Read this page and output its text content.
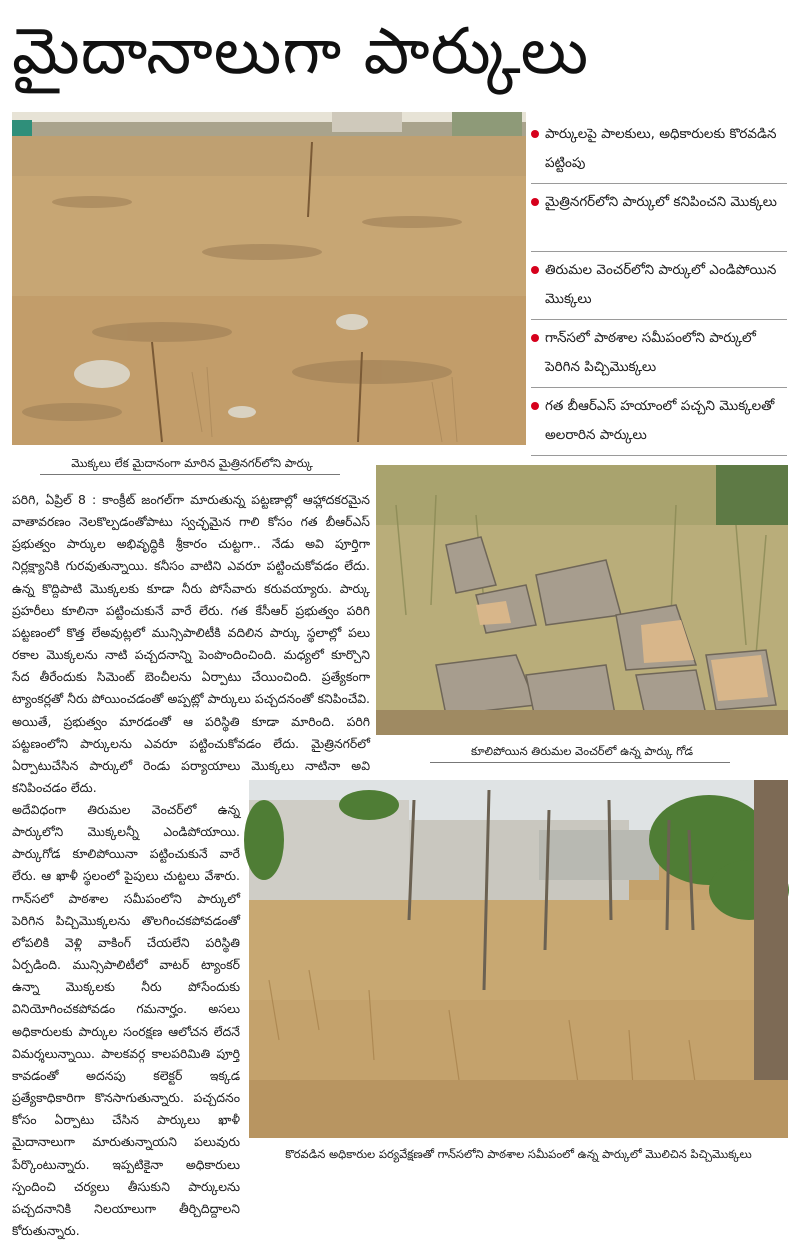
మైదానాలుగా పార్కులు
మొక్కలు లేక మైదానంగా మారిన మైత్రినగర్‌లోని పార్కు
పార్కులపై పాలకులు, అధికారులకు కొరవడిన పట్టింపు
మైత్రినగర్‌లోని పార్కులో కనిపించని మొక్కలు
తిరుమల వెంచర్‌లోని పార్కులో ఎండిపోయిన మొక్కలు
గాన్‌సలో పాఠశాల సమీపంలోని పార్కులో పెరిగిన పిచ్చిమొక్కలు
గత బీఆర్ఎస్ హయాంలో పచ్చని మొక్కలతో అలరారిన పార్కులు
పరిగి, ఏప్రిల్ 8 : కాంక్రీట్ జంగల్‌గా మారుతున్న పట్టణాల్లో ఆహ్లాదకరమైన వాతావరణం నెలకొల్పడంతోపాటు స్వచ్ఛమైన గాలి కోసం గత బీఆర్ఎస్ ప్రభుత్వం పార్కుల అభివృద్ధికి శ్రీకారం చుట్టగా.. నేడు అవి పూర్తిగా నిర్లక్ష్యానికి గురవుతున్నాయి. కనీసం వాటిని ఎవరూ పట్టించుకోవడం లేదు. ఉన్న కొద్దిపాటి మొక్కలకు కూడా నీరు పోసేవారు కరువయ్యారు. పార్కు ప్రహరీలు కూలినా పట్టించుకునే వారే లేరు. గత కేసీఆర్ ప్రభుత్వం పరిగి పట్టణంలో కొత్త లేఅవుట్లలో మున్సిపాలిటీకి వదిలిన పార్కు స్థలాల్లో పలు రకాల మొక్కలను నాటి పచ్చదనాన్ని పెంపొందించింది. మధ్యలో కూర్చొని సేద తీరేందుకు సిమెంట్ బెంచీలను ఏర్పాటు చేయించింది. ప్రత్యేకంగా ట్యాంకర్లతో నీరు పోయించడంతో అప్పట్లో పార్కులు పచ్చదనంతో కనిపించేవి. అయితే, ప్రభుత్వం మారడంతో ఆ పరిస్థితి కూడా మారింది. పరిగి పట్టణంలోని పార్కులను ఎవరూ పట్టించుకోవడం లేదు. మైత్రినగర్‌లో ఏర్పాటుచేసిన పార్కులో రెండు పర్యాయాలు మొక్కలు నాటినా అవి కనిపించడం లేదు.
అదేవిధంగా తిరుమల వెంచర్‌లో ఉన్న పార్కులోని మొక్కలన్నీ ఎండిపోయాయి. పార్కుగోడ కూలిపోయినా పట్టించుకునే వారే లేరు. ఆ ఖాళీ స్థలంలో పైపులు చుట్టలు వేశారు. గాన్‌సలో పాఠశాల సమీపంలోని పార్కులో పెరిగిన పిచ్చిమొక్కలను తొలగించకపోవడంతో లోపలికి వెళ్లి వాకింగ్ చేయలేని పరిస్థితి ఏర్పడింది. మున్సిపాలిటీలో వాటర్ ట్యాంకర్ ఉన్నా మొక్కలకు నీరు పోసేందుకు వినియోగించకపోవడం గమనార్హం. అసలు అధికారులకు పార్కుల సంరక్షణ ఆలోచన లేదనే విమర్శలున్నాయి. పాలకవర్గ కాలపరిమితి పూర్తి కావడంతో అదనపు కలెక్టర్ ఇక్కడ ప్రత్యేకాధికారిగా కొనసాగుతున్నారు. పచ్చదనం కోసం ఏర్పాటు చేసిన పార్కులు ఖాళీ మైదానాలుగా మారుతున్నాయని పలువురు పేర్కొంటున్నారు. ఇప్పటికైనా అధికారులు స్పందించి చర్యలు తీసుకుని పార్కులను పచ్చదనానికి నిలయాలుగా తీర్చిదిద్దాలని కోరుతున్నారు.
కూలిపోయిన తిరుమల వెంచర్‌లో ఉన్న పార్కు గోడ
కొరవడిన అధికారుల పర్యవేక్షణతో గాన్‌సలోని పాఠశాల సమీపంలో ఉన్న పార్కులో మొలిచిన పిచ్చిమొక్కలు
